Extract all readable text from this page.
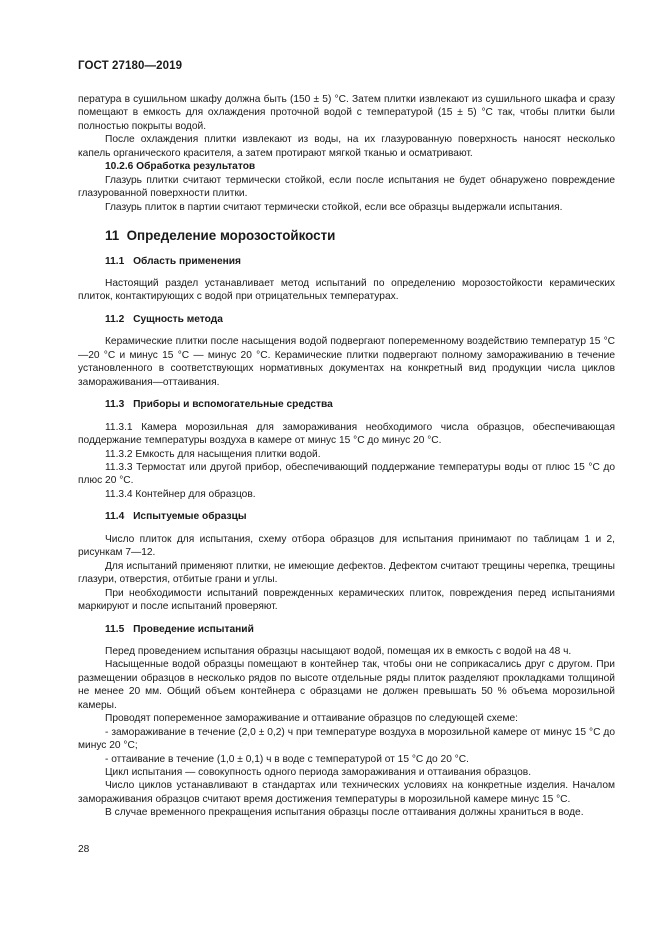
ГОСТ 27180—2019

пература в сушильном шкафу должна быть (150 ± 5) °С. Затем плитки извлекают из сушильного шкафа и сразу помещают в емкость для охлаждения проточной водой с температурой (15 ± 5) °С так, чтобы плитки были полностью покрыты водой.

После охлаждения плитки извлекают из воды, на их глазурованную поверхность наносят несколько капель органического красителя, а затем протирают мягкой тканью и осматривают.

10.2.6 Обработка результатов

Глазурь плитки считают термически стойкой, если после испытания не будет обнаружено повреждение глазурованной поверхности плитки.

Глазурь плиток в партии считают термически стойкой, если все образцы выдержали испытания.

11 Определение морозостойкости
11.1 Область применения

Настоящий раздел устанавливает метод испытаний по определению морозостойкости керамических плиток, контактирующих с водой при отрицательных температурах.

11.2 Сущность метода

Керамические плитки после насыщения водой подвергают попеременному воздействию температур 15 °С—20 °С и минус 15 °С — минус 20 °С. Керамические плитки подвергают полному замораживанию в течение установленного в соответствующих нормативных документах на конкретный вид продукции числа циклов замораживания—оттаивания.

11.3 Приборы и вспомогательные средства

11.3.1 Камера морозильная для замораживания необходимого числа образцов, обеспечивающая поддержание температуры воздуха в камере от минус 15 °С до минус 20 °С.

11.3.2 Емкость для насыщения плитки водой.

11.3.3 Термостат или другой прибор, обеспечивающий поддержание температуры воды от плюс 15 °С до плюс 20 °С.

11.3.4 Контейнер для образцов.

11.4 Испытуемые образцы

Число плиток для испытания, схему отбора образцов для испытания принимают по таблицам 1 и 2, рисункам 7—12.

Для испытаний применяют плитки, не имеющие дефектов. Дефектом считают трещины черепка, трещины глазури, отверстия, отбитые грани и углы.

При необходимости испытаний поврежденных керамических плиток, повреждения перед испытаниями маркируют и после испытаний проверяют.

11.5 Проведение испытаний

Перед проведением испытания образцы насыщают водой, помещая их в емкость с водой на 48 ч.

Насыщенные водой образцы помещают в контейнер так, чтобы они не соприкасались друг с другом. При размещении образцов в несколько рядов по высоте отдельные ряды плиток разделяют прокладками толщиной не менее 20 мм. Общий объем контейнера с образцами не должен превышать 50 % объема морозильной камеры.

Проводят попеременное замораживание и оттаивание образцов по следующей схеме:

- замораживание в течение (2,0 ± 0,2) ч при температуре воздуха в морозильной камере от минус 15 °С до минус 20 °С;

- оттаивание в течение (1,0 ± 0,1) ч в воде с температурой от 15 °С до 20 °С.

Цикл испытания — совокупность одного периода замораживания и оттаивания образцов.

Число циклов устанавливают в стандартах или технических условиях на конкретные изделия. Началом замораживания образцов считают время достижения температуры в морозильной камере минус 15 °С.

В случае временного прекращения испытания образцы после оттаивания должны храниться в воде.

28
